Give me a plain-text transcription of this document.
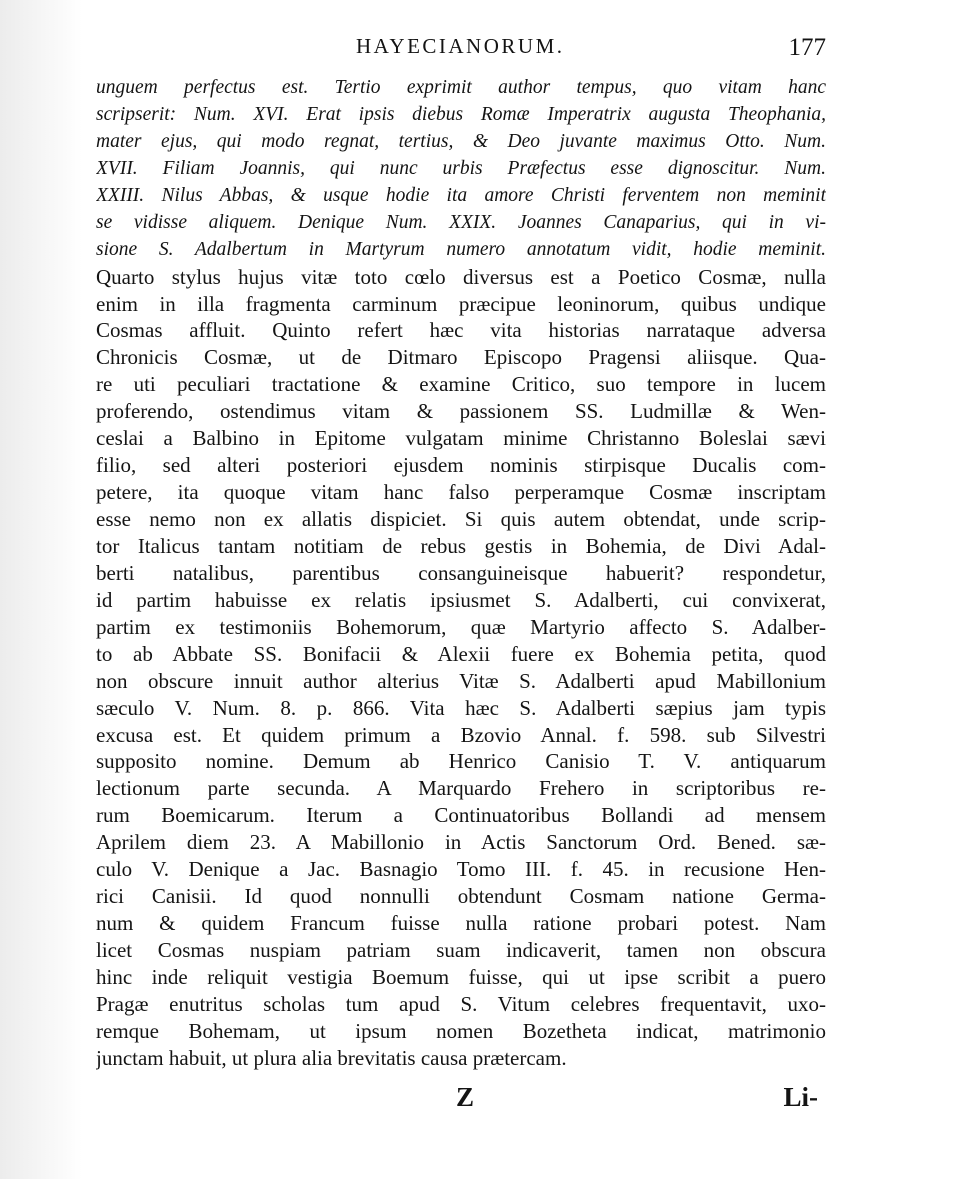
HAYECIANORUM.	177
unguem perfectus est. Tertio exprimit author tempus, quo vitam hanc
scripserit: Num. XVI. Erat ipsis diebus Romæ Imperatrix augusta Theophania,
mater ejus, qui modo regnat, tertius, & Deo juvante maximus Otto. Num.
XVII. Filiam Joannis, qui nunc urbis Præfectus esse dignoscitur. Num.
XXIII. Nilus Abbas, & usque hodie ita amore Christi ferventem non meminit
se vidisse aliquem. Denique Num. XXIX. Joannes Canaparius, qui in vi-
sione S. Adalbertum in Martyrum numero annotatum vidit, hodie meminit.
Quarto stylus hujus vitæ toto cœlo diversus est a Poetico Cosmæ, nulla
enim in illa fragmenta carminum præcipue leoninorum, quibus undique
Cosmas affluit. Quinto refert hæc vita historias narrataque adversa
Chronicis Cosmæ, ut de Ditmaro Episcopo Pragensi aliisque. Qua-
re uti peculiari tractatione & examine Critico, suo tempore in lucem
proferendo, ostendimus vitam & passionem SS. Ludmillæ & Wen-
ceslai a Balbino in Epitome vulgatam minime Christanno Boleslai sævi
filio, sed alteri posteriori ejusdem nominis stirpisque Ducalis com-
petere, ita quoque vitam hanc falso perperamque Cosmæ inscriptam
esse nemo non ex allatis dispiciet. Si quis autem obtendat, unde scrip-
tor Italicus tantam notitiam de rebus gestis in Bohemia, de Divi Adal-
berti natalibus, parentibus consanguineisque habuerit? respondetur,
id partim habuisse ex relatis ipsiusmet S. Adalberti, cui convixerat,
partim ex testimoniis Bohemorum, quæ Martyrio affecto S. Adalber-
to ab Abbate SS. Bonifacii & Alexii fuere ex Bohemia petita, quod
non obscure innuit author alterius Vitæ S. Adalberti apud Mabillonium
sæculo V. Num. 8. p. 866. Vita hæc S. Adalberti sæpius jam typis
excusa est. Et quidem primum a Bzovio Annal. f. 598. sub Silvestri
supposito nomine. Demum ab Henrico Canisio T. V. antiquarum
lectionum parte secunda. A Marquardo Frehero in scriptoribus re-
rum Boemicarum. Iterum a Continuatoribus Bollandi ad mensem
Aprilem diem 23. A Mabillonio in Actis Sanctorum Ord. Bened. sæ-
culo V. Denique a Jac. Basnagio Tomo III. f. 45. in recusione Hen-
rici Canisii. Id quod nonnulli obtendunt Cosmam natione Germa-
num & quidem Francum fuisse nulla ratione probari potest. Nam
licet Cosmas nuspiam patriam suam indicaverit, tamen non obscura
hinc inde reliquit vestigia Boemum fuisse, qui ut ipse scribit a puero
Pragæ enutritus scholas tum apud S. Vitum celebres frequentavit, uxo-
remque Bohemam, ut ipsum nomen Bozetheta indicat, matrimonio
junctam habuit, ut plura alia brevitatis causa prætercam.
Z	Li-
